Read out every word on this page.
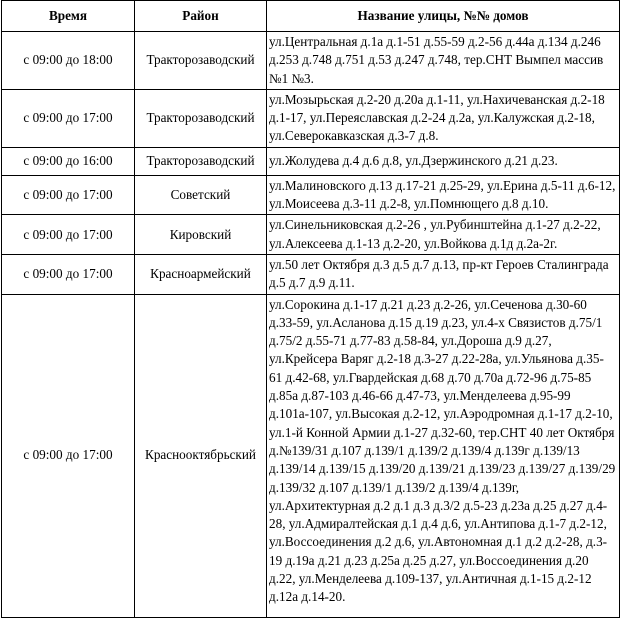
Время	Район	Название улицы, №№ домов
с 09:00 до 18:00	Тракторозаводский	ул.Центральная д.1а д.1-51 д.55-59 д.2-56 д.44а д.134 д.246 д.253 д.748 д.751 д.53 д.247 д.748, тер.СНТ Вымпел массив №1 №3.
с 09:00 до 17:00	Тракторозаводский	ул.Мозырьская д.2-20 д.20а д.1-11, ул.Нахичеванская д.2-18 д.1-17, ул.Переяславская д.2-24 д.2а, ул.Калужская д.2-18, ул.Северокавказская д.3-7 д.8.
с 09:00 до 16:00	Тракторозаводский	ул.Жолудева д.4 д.6 д.8, ул.Дзержинского д.21 д.23.
с 09:00 до 17:00	Советский	ул.Малиновского д.13 д.17-21 д.25-29, ул.Ерина д.5-11 д.6-12, ул.Моисеева д.3-11 д.2-8, ул.Помнющего д.8 д.10.
с 09:00 до 17:00	Кировский	ул.Синельниковская д.2-26 , ул.Рубинштейна д.1-27 д.2-22, ул.Алексеева д.1-13 д.2-20, ул.Войкова д.1д д.2а-2г.
с 09:00 до 17:00	Красноармейский	ул.50 лет Октября д.3 д.5 д.7 д.13, пр-кт Героев Сталинграда д.5 д.7 д.9 д.11.
с 09:00 до 17:00	Краснооктябрьский	ул.Сорокина д.1-17 д.21 д.23 д.2-26, ул.Сеченова д.30-60 д.33-59, ул.Асланова д.15 д.19 д.23, ул.4-х Связистов д.75/1 д.75/2 д.55-71 д.77-83 д.58-84, ул.Дороша д.9 д.27, ул.Крейсера Варяг д.2-18 д.3-27 д.22-28а, ул.Ульянова д.35-61 д.42-68, ул.Гвардейская д.68 д.70 д.70а д.72-96 д.75-85 д.85а д.87-103 д.46-66 д.47-73, ул.Менделеева д.95-99 д.101а-107, ул.Высокая д.2-12, ул.Аэродромная д.1-17 д.2-10, ул.1-й Конной Армии д.1-27 д.32-60, тер.СНТ 40 лет Октября д.№139/31 д.107 д.139/1 д.139/2 д.139/4 д.139г д.139/13 д.139/14 д.139/15 д.139/20 д.139/21 д.139/23 д.139/27 д.139/29 д.139/32 д.107 д.139/1 д.139/2 д.139/4 д.139г, ул.Архитектурная д.2 д.1 д.3 д.3/2 д.5-23 д.23а д.25 д.27 д.4-28, ул.Адмиралтейская д.1 д.4 д.6, ул.Антипова д.1-7 д.2-12, ул.Воссоединения д.2 д.6, ул.Автономная д.1 д.2 д.2-28, д.3-19 д.19а д.21 д.23 д.25а д.25 д.27, ул.Воссоединения д.20 д.22, ул.Менделеева д.109-137, ул.Античная д.1-15 д.2-12 д.12а д.14-20.
